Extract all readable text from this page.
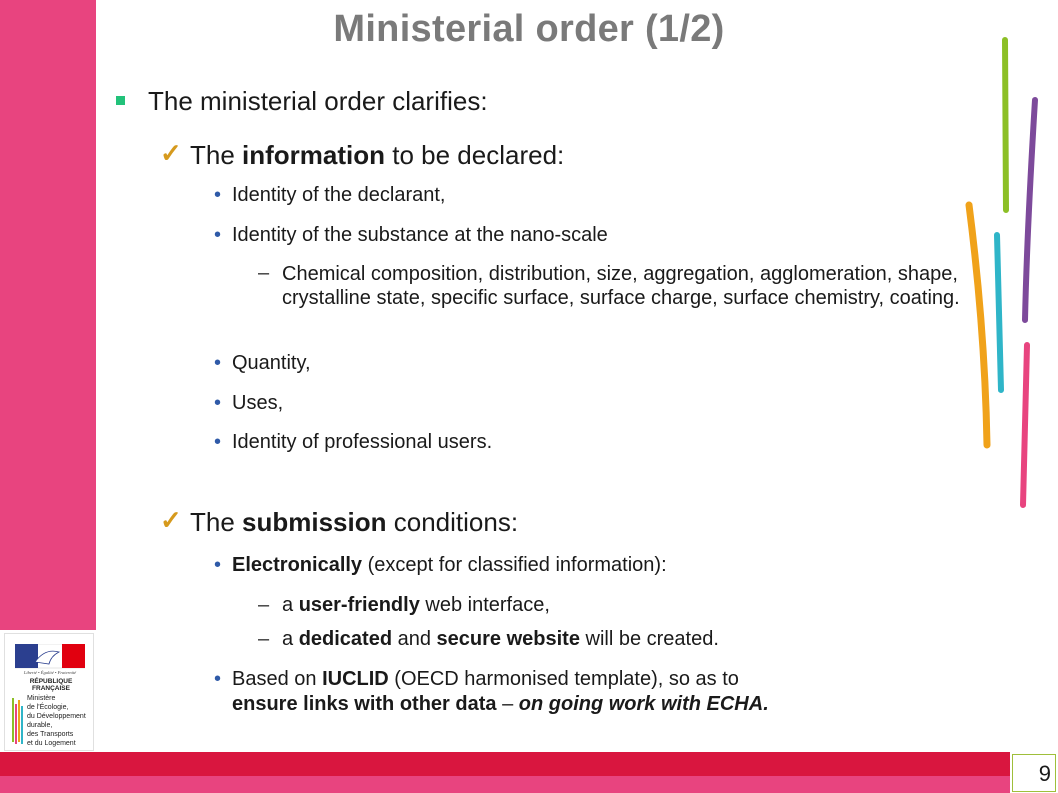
9
Liberté • Égalité • Fraternité
RÉPUBLIQUE FRANÇAISE
Ministère
de l'Écologie,
du Développement
durable,
des Transports
et du Logement
Ministerial order (1/2)
The ministerial order clarifies:
✓ The information to be declared:
• Identity of the declarant,
• Identity of the substance at the nano-scale
– Chemical composition, distribution, size, aggregation, agglomeration, shape, crystalline state, specific surface, surface charge, surface chemistry, coating.
• Quantity,
• Uses,
• Identity of professional users.
✓ The submission conditions:
• Electronically (except for classified information):
– a user-friendly web interface,
– a dedicated and secure website will be created.
• Based on IUCLID (OECD harmonised template), so as to
ensure links with other data – on going work with ECHA.
